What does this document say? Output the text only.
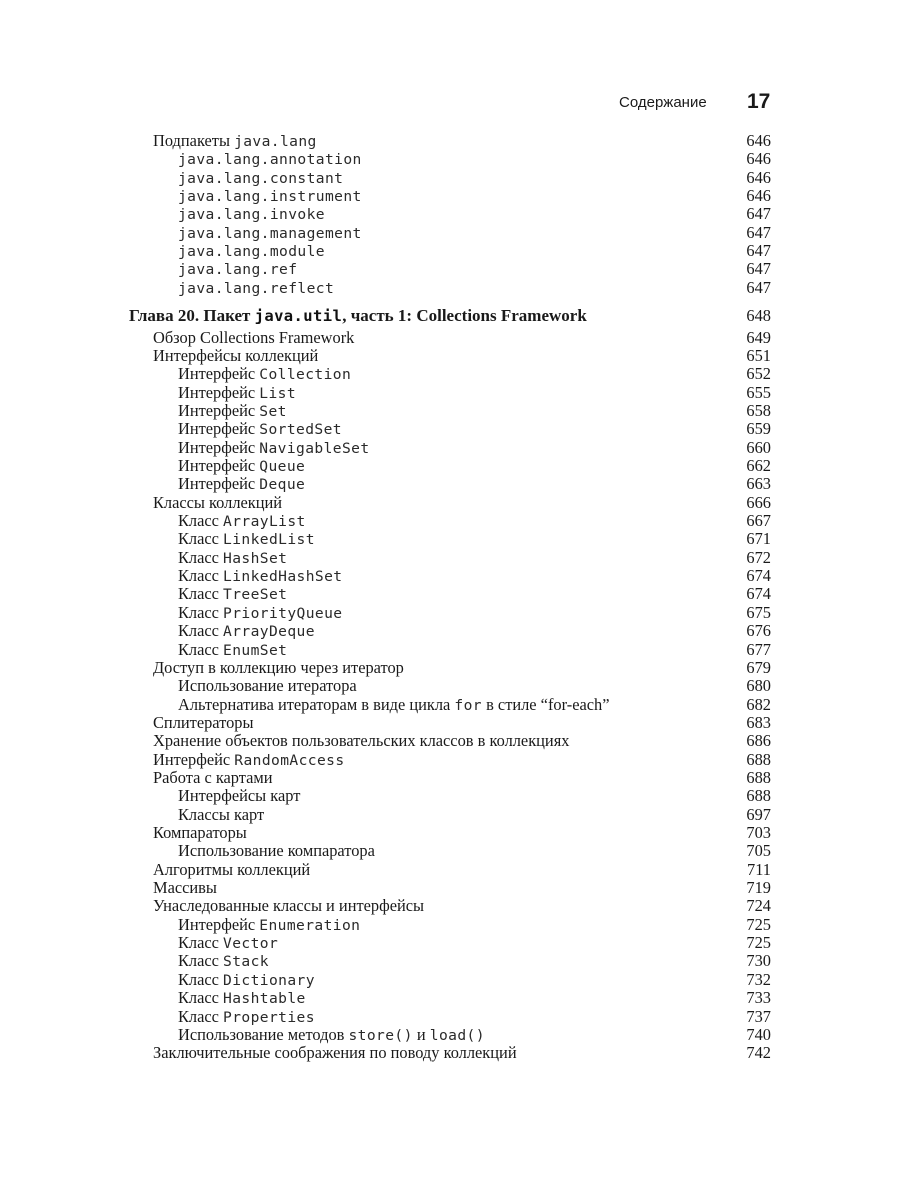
Содержание 17
Подпакеты java.lang	646
java.lang.annotation	646
java.lang.constant	646
java.lang.instrument	646
java.lang.invoke	647
java.lang.management	647
java.lang.module	647
java.lang.ref	647
java.lang.reflect	647
Глава 20. Пакет java.util, часть 1: Collections Framework	648
Обзор Collections Framework	649
Интерфейсы коллекций	651
Интерфейс Collection	652
Интерфейс List	655
Интерфейс Set	658
Интерфейс SortedSet	659
Интерфейс NavigableSet	660
Интерфейс Queue	662
Интерфейс Deque	663
Классы коллекций	666
Класс ArrayList	667
Класс LinkedList	671
Класс HashSet	672
Класс LinkedHashSet	674
Класс TreeSet	674
Класс PriorityQueue	675
Класс ArrayDeque	676
Класс EnumSet	677
Доступ в коллекцию через итератор	679
Использование итератора	680
Альтернатива итераторам в виде цикла for в стиле “for-each”	682
Сплитераторы	683
Хранение объектов пользовательских классов в коллекциях	686
Интерфейс RandomAccess	688
Работа с картами	688
Интерфейсы карт	688
Классы карт	697
Компараторы	703
Использование компаратора	705
Алгоритмы коллекций	711
Массивы	719
Унаследованные классы и интерфейсы	724
Интерфейс Enumeration	725
Класс Vector	725
Класс Stack	730
Класс Dictionary	732
Класс Hashtable	733
Класс Properties	737
Использование методов store() и load()	740
Заключительные соображения по поводу коллекций	742
